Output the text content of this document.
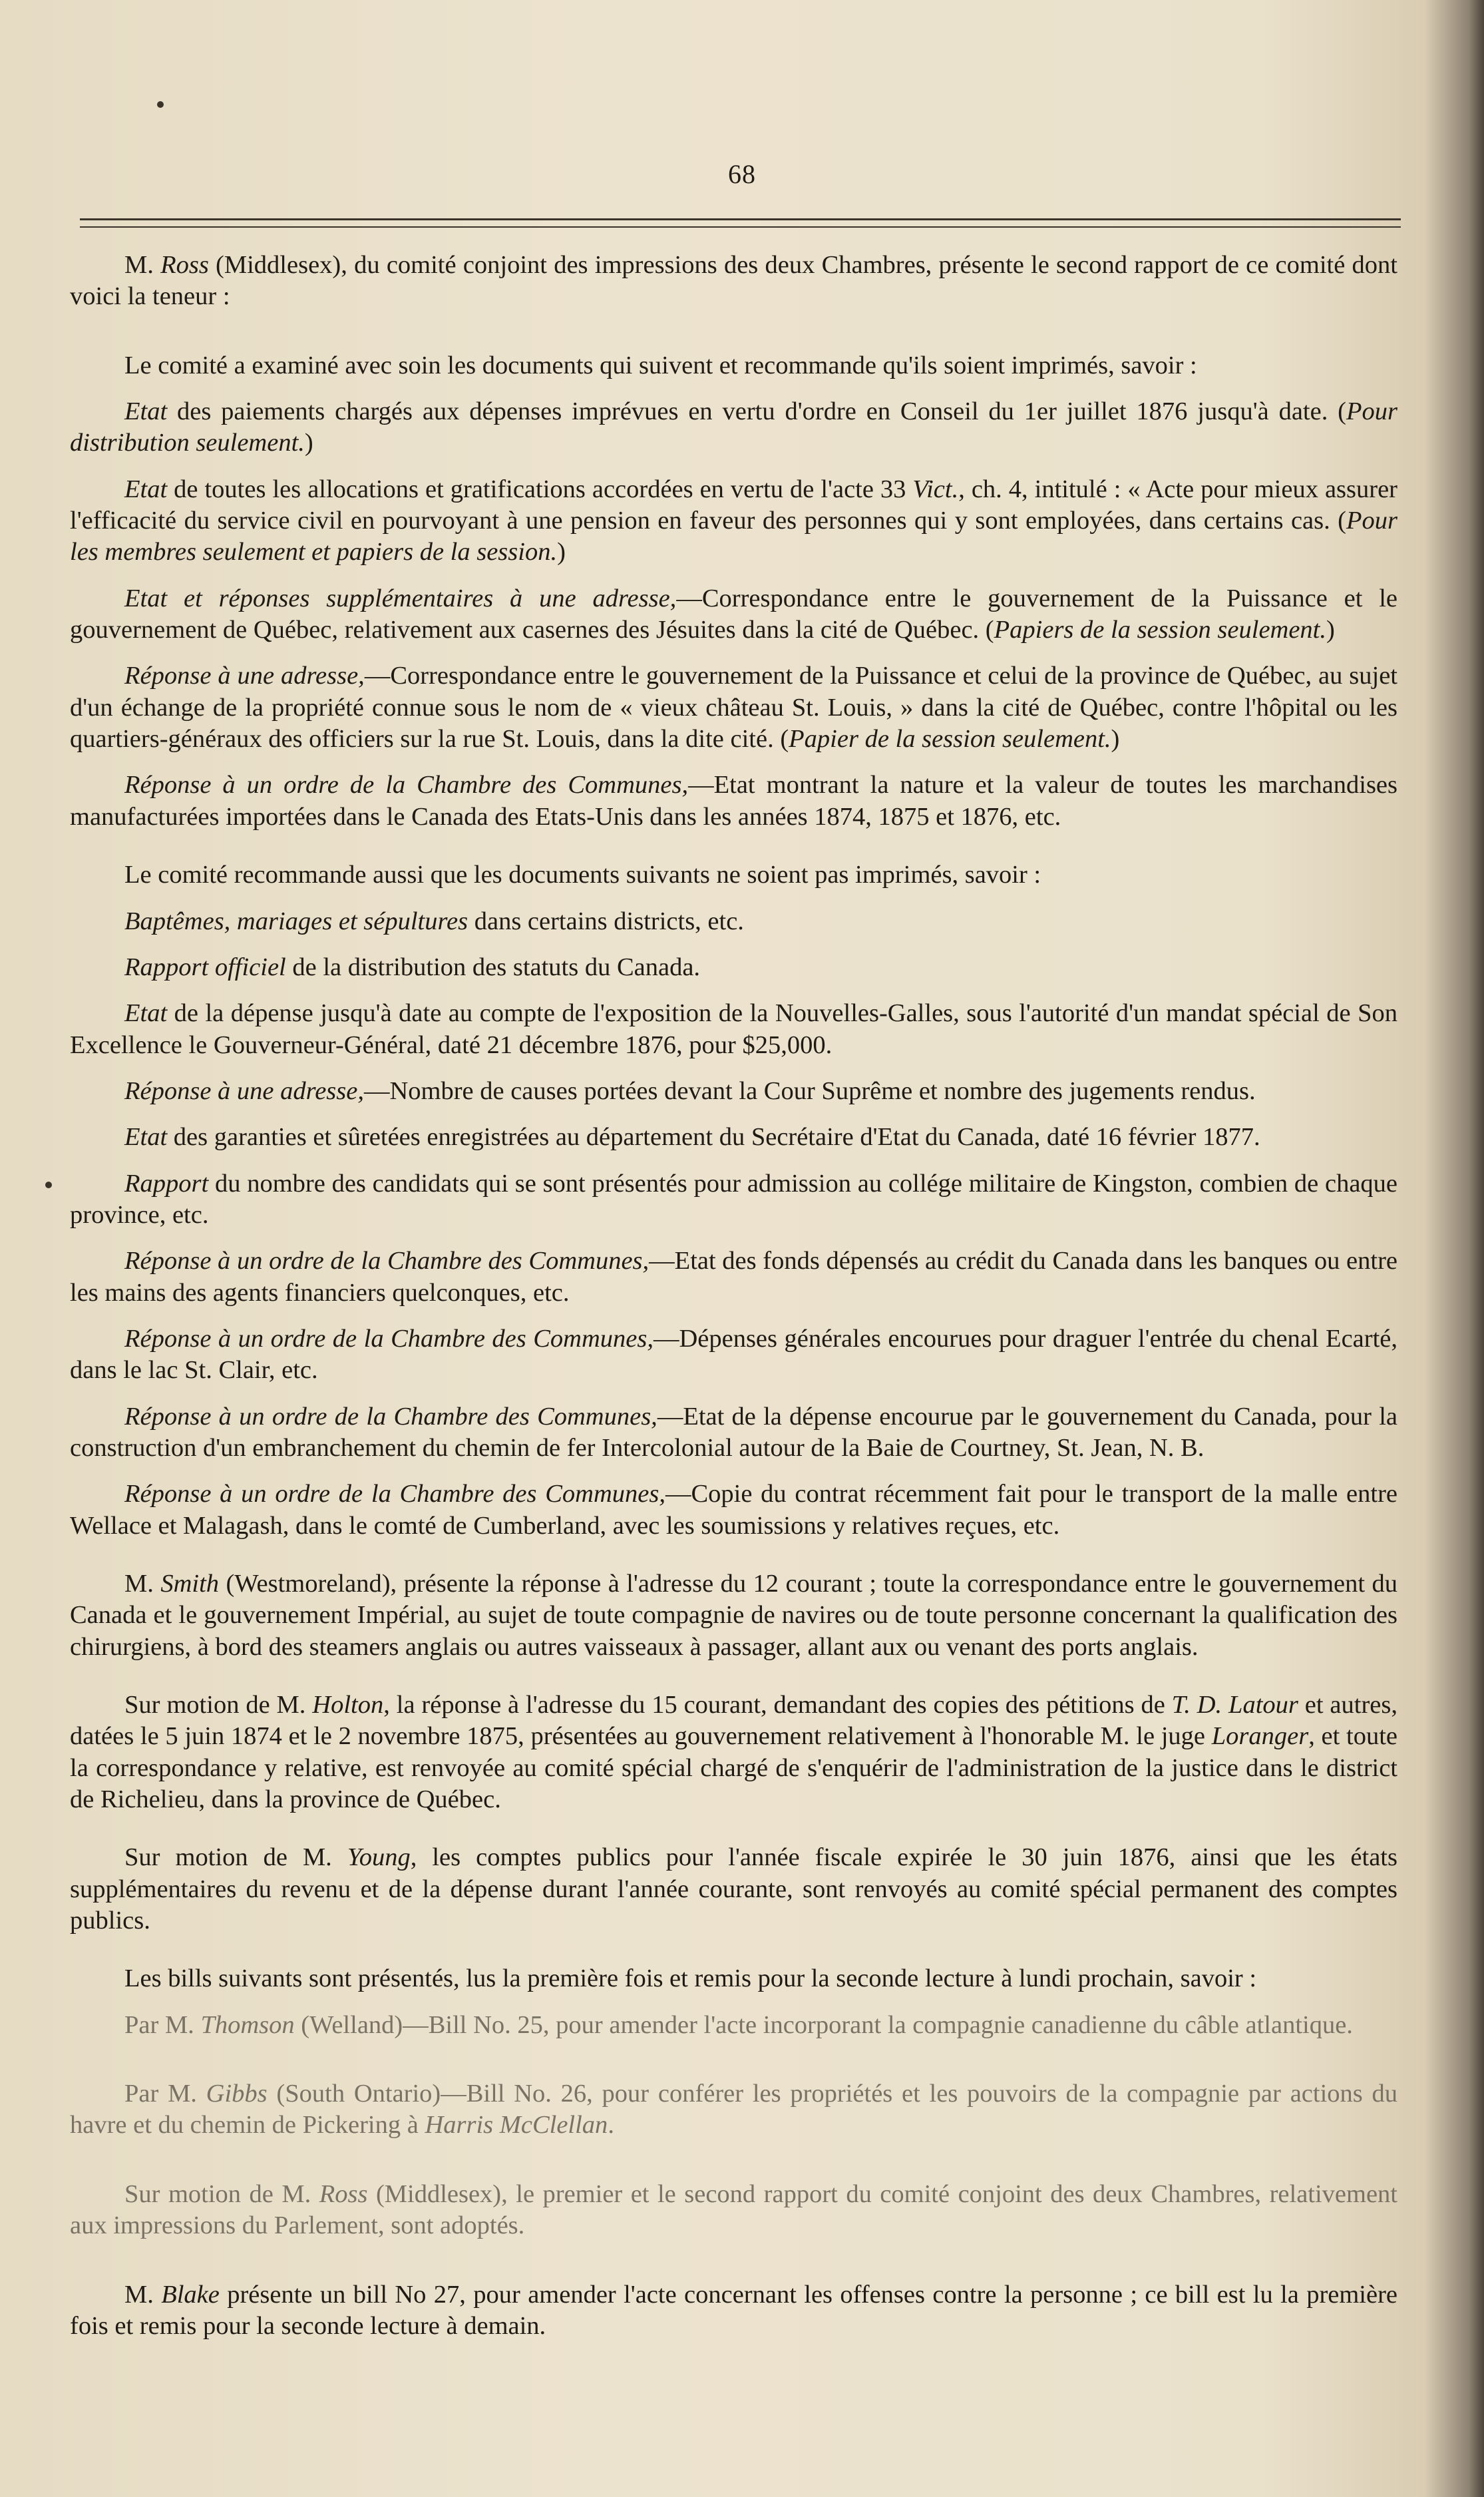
68

M. Ross (Middlesex), du comité conjoint des impressions des deux Chambres, présente le second rapport de ce comité dont voici la teneur :

Le comité a examiné avec soin les documents qui suivent et recommande qu'ils soient imprimés, savoir :

Etat des paiements chargés aux dépenses imprévues en vertu d'ordre en Conseil du 1er juillet 1876 jusqu'à date. (Pour distribution seulement.)

Etat de toutes les allocations et gratifications accordées en vertu de l'acte 33 Vict., ch. 4, intitulé : « Acte pour mieux assurer l'efficacité du service civil en pourvoyant à une pension en faveur des personnes qui y sont employées, dans certains cas. (Pour les membres seulement et papiers de la session.)

Etat et réponses supplémentaires à une adresse,—Correspondance entre le gouvernement de la Puissance et le gouvernement de Québec, relativement aux casernes des Jésuites dans la cité de Québec. (Papiers de la session seulement.)

Réponse à une adresse,—Correspondance entre le gouvernement de la Puissance et celui de la province de Québec, au sujet d'un échange de la propriété connue sous le nom de « vieux château St. Louis, » dans la cité de Québec, contre l'hôpital ou les quartiers-généraux des officiers sur la rue St. Louis, dans la dite cité. (Papier de la session seulement.)

Réponse à un ordre de la Chambre des Communes,—Etat montrant la nature et la valeur de toutes les marchandises manufacturées importées dans le Canada des Etats-Unis dans les années 1874, 1875 et 1876, etc.

Le comité recommande aussi que les documents suivants ne soient pas imprimés, savoir :

Baptêmes, mariages et sépultures dans certains districts, etc.

Rapport officiel de la distribution des statuts du Canada.

Etat de la dépense jusqu'à date au compte de l'exposition de la Nouvelles-Galles, sous l'autorité d'un mandat spécial de Son Excellence le Gouverneur-Général, daté 21 décembre 1876, pour $25,000.

Réponse à une adresse,—Nombre de causes portées devant la Cour Suprême et nombre des jugements rendus.

Etat des garanties et sûretées enregistrées au département du Secrétaire d'Etat du Canada, daté 16 février 1877.

Rapport du nombre des candidats qui se sont présentés pour admission au collége militaire de Kingston, combien de chaque province, etc.

Réponse à un ordre de la Chambre des Communes,—Etat des fonds dépensés au crédit du Canada dans les banques ou entre les mains des agents financiers quelconques, etc.

Réponse à un ordre de la Chambre des Communes,—Dépenses générales encourues pour draguer l'entrée du chenal Ecarté, dans le lac St. Clair, etc.

Réponse à un ordre de la Chambre des Communes,—Etat de la dépense encourue par le gouvernement du Canada, pour la construction d'un embranchement du chemin de fer Intercolonial autour de la Baie de Courtney, St. Jean, N. B.

Réponse à un ordre de la Chambre des Communes,—Copie du contrat récemment fait pour le transport de la malle entre Wellace et Malagash, dans le comté de Cumberland, avec les soumissions y relatives reçues, etc.

M. Smith (Westmoreland), présente la réponse à l'adresse du 12 courant ; toute la correspondance entre le gouvernement du Canada et le gouvernement Impérial, au sujet de toute compagnie de navires ou de toute personne concernant la qualification des chirurgiens, à bord des steamers anglais ou autres vaisseaux à passager, allant aux ou venant des ports anglais.

Sur motion de M. Holton, la réponse à l'adresse du 15 courant, demandant des copies des pétitions de T. D. Latour et autres, datées le 5 juin 1874 et le 2 novembre 1875, présentées au gouvernement relativement à l'honorable M. le juge Loranger, et toute la correspondance y relative, est renvoyée au comité spécial chargé de s'enquérir de l'administration de la justice dans le district de Richelieu, dans la province de Québec.

Sur motion de M. Young, les comptes publics pour l'année fiscale expirée le 30 juin 1876, ainsi que les états supplémentaires du revenu et de la dépense durant l'année courante, sont renvoyés au comité spécial permanent des comptes publics.

Les bills suivants sont présentés, lus la première fois et remis pour la seconde lecture à lundi prochain, savoir :

Par M. Thomson (Welland)—Bill No. 25, pour amender l'acte incorporant la compagnie canadienne du câble atlantique.

Par M. Gibbs (South Ontario)—Bill No. 26, pour conférer les propriétés et les pouvoirs de la compagnie par actions du havre et du chemin de Pickering à Harris McClellan.

Sur motion de M. Ross (Middlesex), le premier et le second rapport du comité conjoint des deux Chambres, relativement aux impressions du Parlement, sont adoptés.

M. Blake présente un bill No 27, pour amender l'acte concernant les offenses contre la personne ; ce bill est lu la première fois et remis pour la seconde lecture à demain.
